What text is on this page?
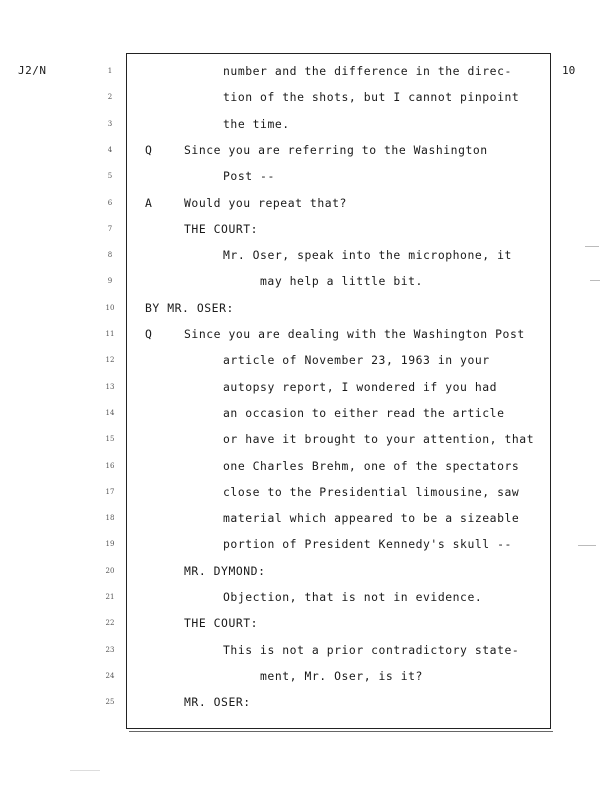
J2/N	10
1	number and the difference in the direc-
2	tion of the shots, but I cannot pinpoint
3	the time.
4	Q	Since you are referring to the Washington
5	Post --
6	A	Would you repeat that?
7	THE COURT:
8	Mr. Oser, speak into the microphone, it
9	may help a little bit.
10	BY MR. OSER:
11	Q	Since you are dealing with the Washington Post
12	article of November 23, 1963 in your
13	autopsy report, I wondered if you had
14	an occasion to either read the article
15	or have it brought to your attention, that
16	one Charles Brehm, one of the spectators
17	close to the Presidential limousine, saw
18	material which appeared to be a sizeable
19	portion of President Kennedy's skull --
20	MR. DYMOND:
21	Objection, that is not in evidence.
22	THE COURT:
23	This is not a prior contradictory state-
24	ment, Mr. Oser, is it?
25	MR. OSER:
